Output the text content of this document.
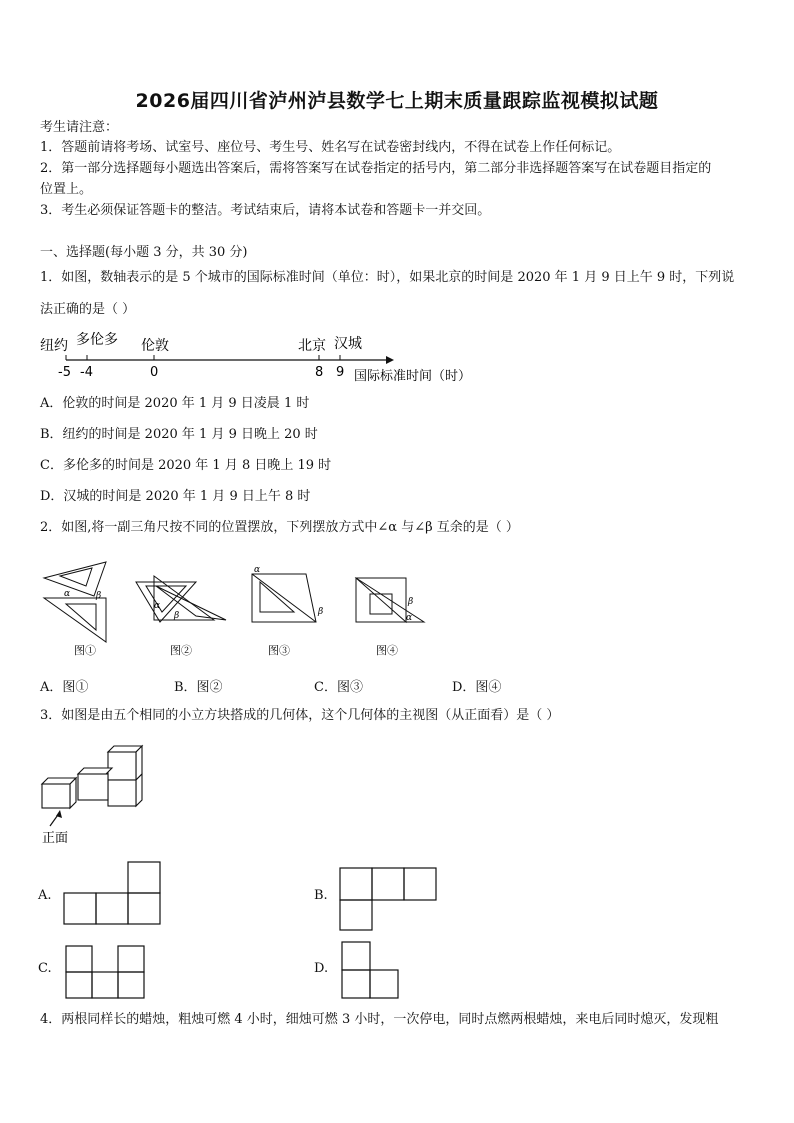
2026届四川省泸州泸县数学七上期末质量跟踪监视模拟试题
考生请注意：
1．答题前请将考场、试室号、座位号、考生号、姓名写在试卷密封线内，不得在试卷上作任何标记。
2．第一部分选择题每小题选出答案后，需将答案写在试卷指定的括号内，第二部分非选择题答案写在试卷题目指定的
位置上。
3．考生必须保证答题卡的整洁。考试结束后，请将本试卷和答题卡一并交回。
一、选择题(每小题 3 分，共 30 分)
1．如图，数轴表示的是 5 个城市的国际标准时间（单位：时），如果北京的时间是 2020 年 1 月 9 日上午 9 时，下列说
法正确的是（ ）
纽约 多伦多 伦敦	北京 汉城
-5 -4	0	8 9 国际标准时间（时）
A．伦敦的时间是 2020 年 1 月 9 日凌晨 1 时
B．纽约的时间是 2020 年 1 月 9 日晚上 20 时
C．多伦多的时间是 2020 年 1 月 8 日晚上 19 时
D．汉城的时间是 2020 年 1 月 9 日上午 8 时
2．如图,将一副三角尺按不同的位置摆放，下列摆放方式中∠α 与∠β 互余的是（ ）
α	β
α
β
α
β
β
α
图①	图②	图③	图④
A．图①	B．图②	C．图③	D．图④
3．如图是由五个相同的小立方块搭成的几何体，这个几何体的主视图（从正面看）是（ ）
正面
A.	B.
C.	D.
4．两根同样长的蜡烛，粗烛可燃 4 小时，细烛可燃 3 小时，一次停电，同时点燃两根蜡烛，来电后同时熄灭，发现粗
